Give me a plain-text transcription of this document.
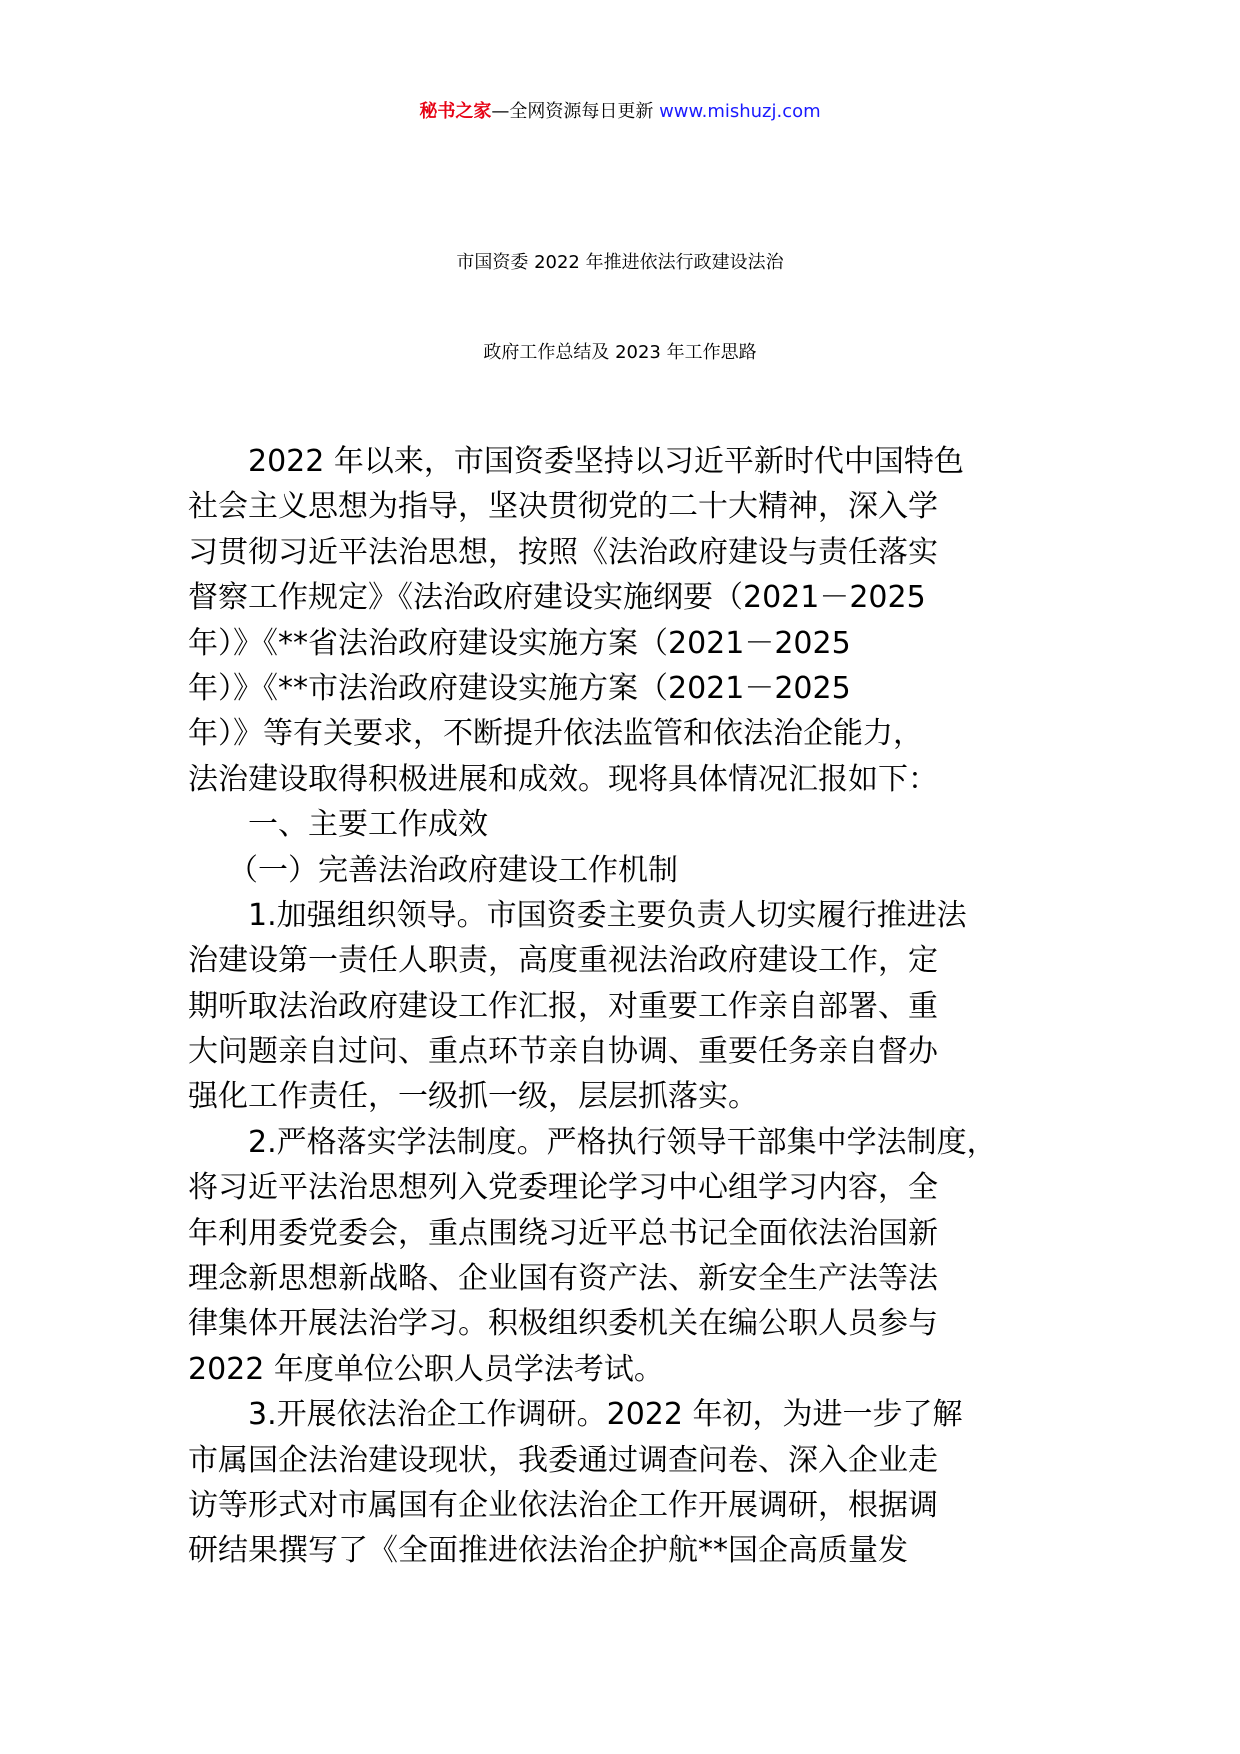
秘书之家—全网资源每日更新 www.mishuzj.com
市国资委 2022 年推进依法行政建设法治
政府工作总结及 2023 年工作思路
2022 年以来，市国资委坚持以习近平新时代中国特色
社会主义思想为指导，坚决贯彻党的二十大精神，深入学
习贯彻习近平法治思想，按照《法治政府建设与责任落实
督察工作规定》《法治政府建设实施纲要（2021－2025
年）》《**省法治政府建设实施方案（2021－2025
年）》《**市法治政府建设实施方案（2021－2025
年）》等有关要求，不断提升依法监管和依法治企能力，
法治建设取得积极进展和成效。现将具体情况汇报如下：
一、主要工作成效
（一）完善法治政府建设工作机制
1.加强组织领导。市国资委主要负责人切实履行推进法
治建设第一责任人职责，高度重视法治政府建设工作，定
期听取法治政府建设工作汇报，对重要工作亲自部署、重
大问题亲自过问、重点环节亲自协调、重要任务亲自督办
强化工作责任，一级抓一级，层层抓落实。
2.严格落实学法制度。严格执行领导干部集中学法制度，
将习近平法治思想列入党委理论学习中心组学习内容，全
年利用委党委会，重点围绕习近平总书记全面依法治国新
理念新思想新战略、企业国有资产法、新安全生产法等法
律集体开展法治学习。积极组织委机关在编公职人员参与
2022 年度单位公职人员学法考试。
3.开展依法治企工作调研。2022 年初，为进一步了解
市属国企法治建设现状，我委通过调查问卷、深入企业走
访等形式对市属国有企业依法治企工作开展调研，根据调
研结果撰写了《全面推进依法治企护航**国企高质量发
